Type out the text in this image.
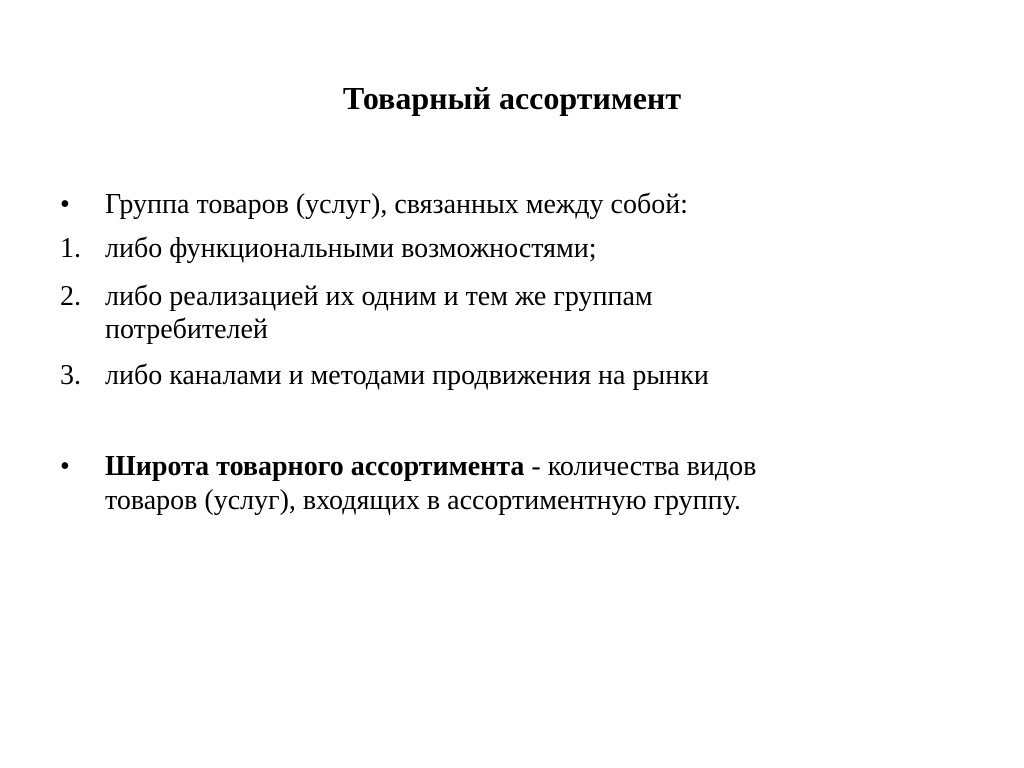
Товарный ассортимент
• Группа товаров (услуг), связанных между собой:
1. либо функциональными возможностями;
2. либо реализацией их одним и тем же группам
потребителей
3. либо каналами и методами продвижения на рынки
• Широта товарного ассортимента - количества видов
товаров (услуг), входящих в ассортиментную группу.
